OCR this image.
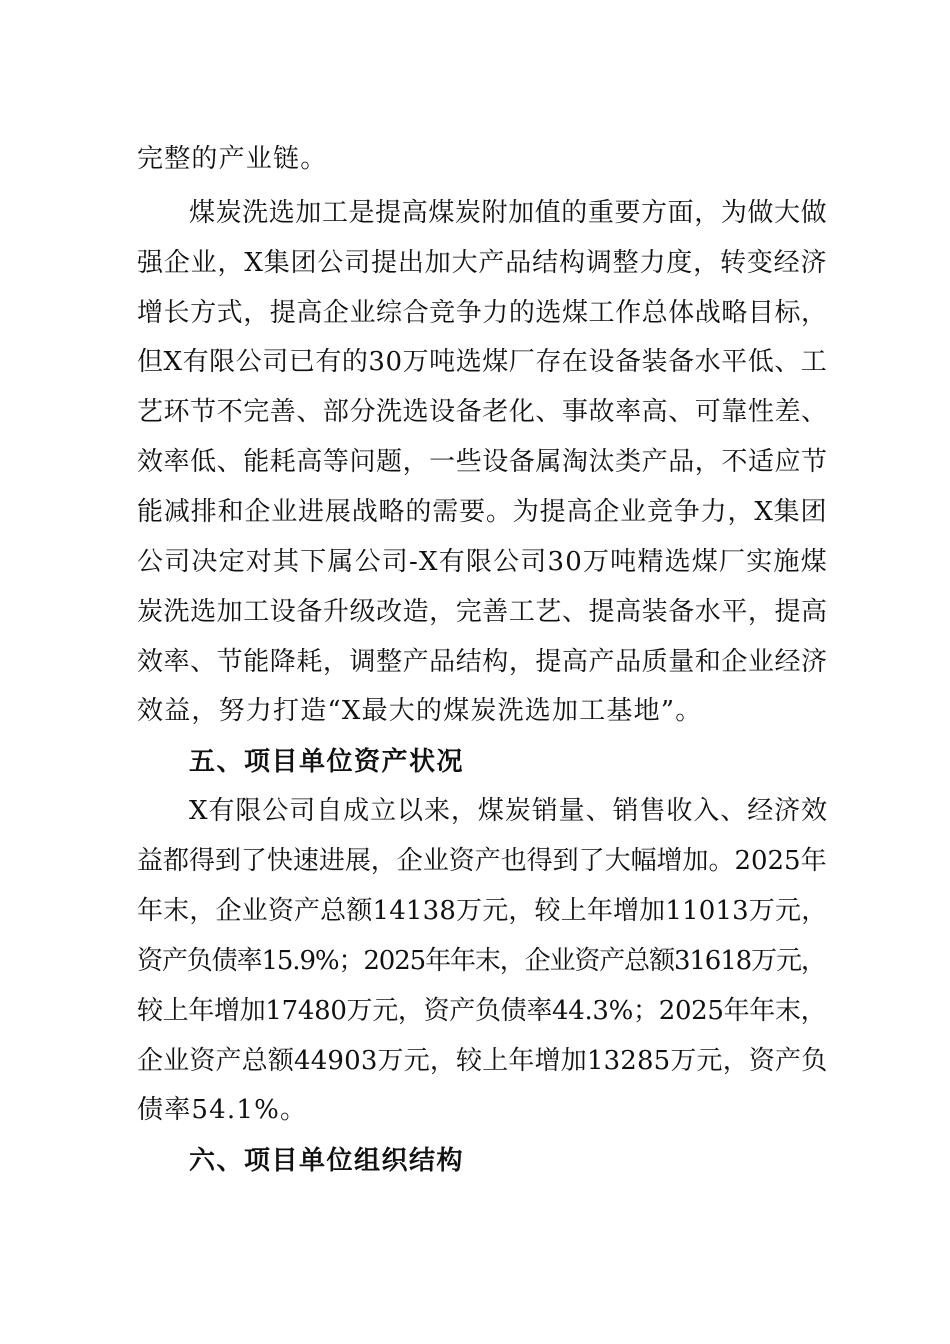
完整的产业链。
煤炭洗选加工是提高煤炭附加值的重要方面，为做大做
强企业，X集团公司提出加大产品结构调整力度，转变经济
增长方式，提高企业综合竞争力的选煤工作总体战略目标，
但X有限公司已有的30万吨选煤厂存在设备装备水平低、工
艺环节不完善、部分洗选设备老化、事故率高、可靠性差、
效率低、能耗高等问题，一些设备属淘汰类产品，不适应节
能减排和企业进展战略的需要。为提高企业竞争力，X集团
公司决定对其下属公司-X有限公司30万吨精选煤厂实施煤
炭洗选加工设备升级改造，完善工艺、提高装备水平，提高
效率、节能降耗，调整产品结构，提高产品质量和企业经济
效益，努力打造“X最大的煤炭洗选加工基地”。
五、项目单位资产状况
X有限公司自成立以来，煤炭销量、销售收入、经济效
益都得到了快速进展，企业资产也得到了大幅增加。2025年
年末，企业资产总额14138万元，较上年增加11013万元，
资产负债率15.9%；2025年年末，企业资产总额31618万元，
较上年增加17480万元，资产负债率44.3%；2025年年末，
企业资产总额44903万元，较上年增加13285万元，资产负
债率54.1%。
六、项目单位组织结构
